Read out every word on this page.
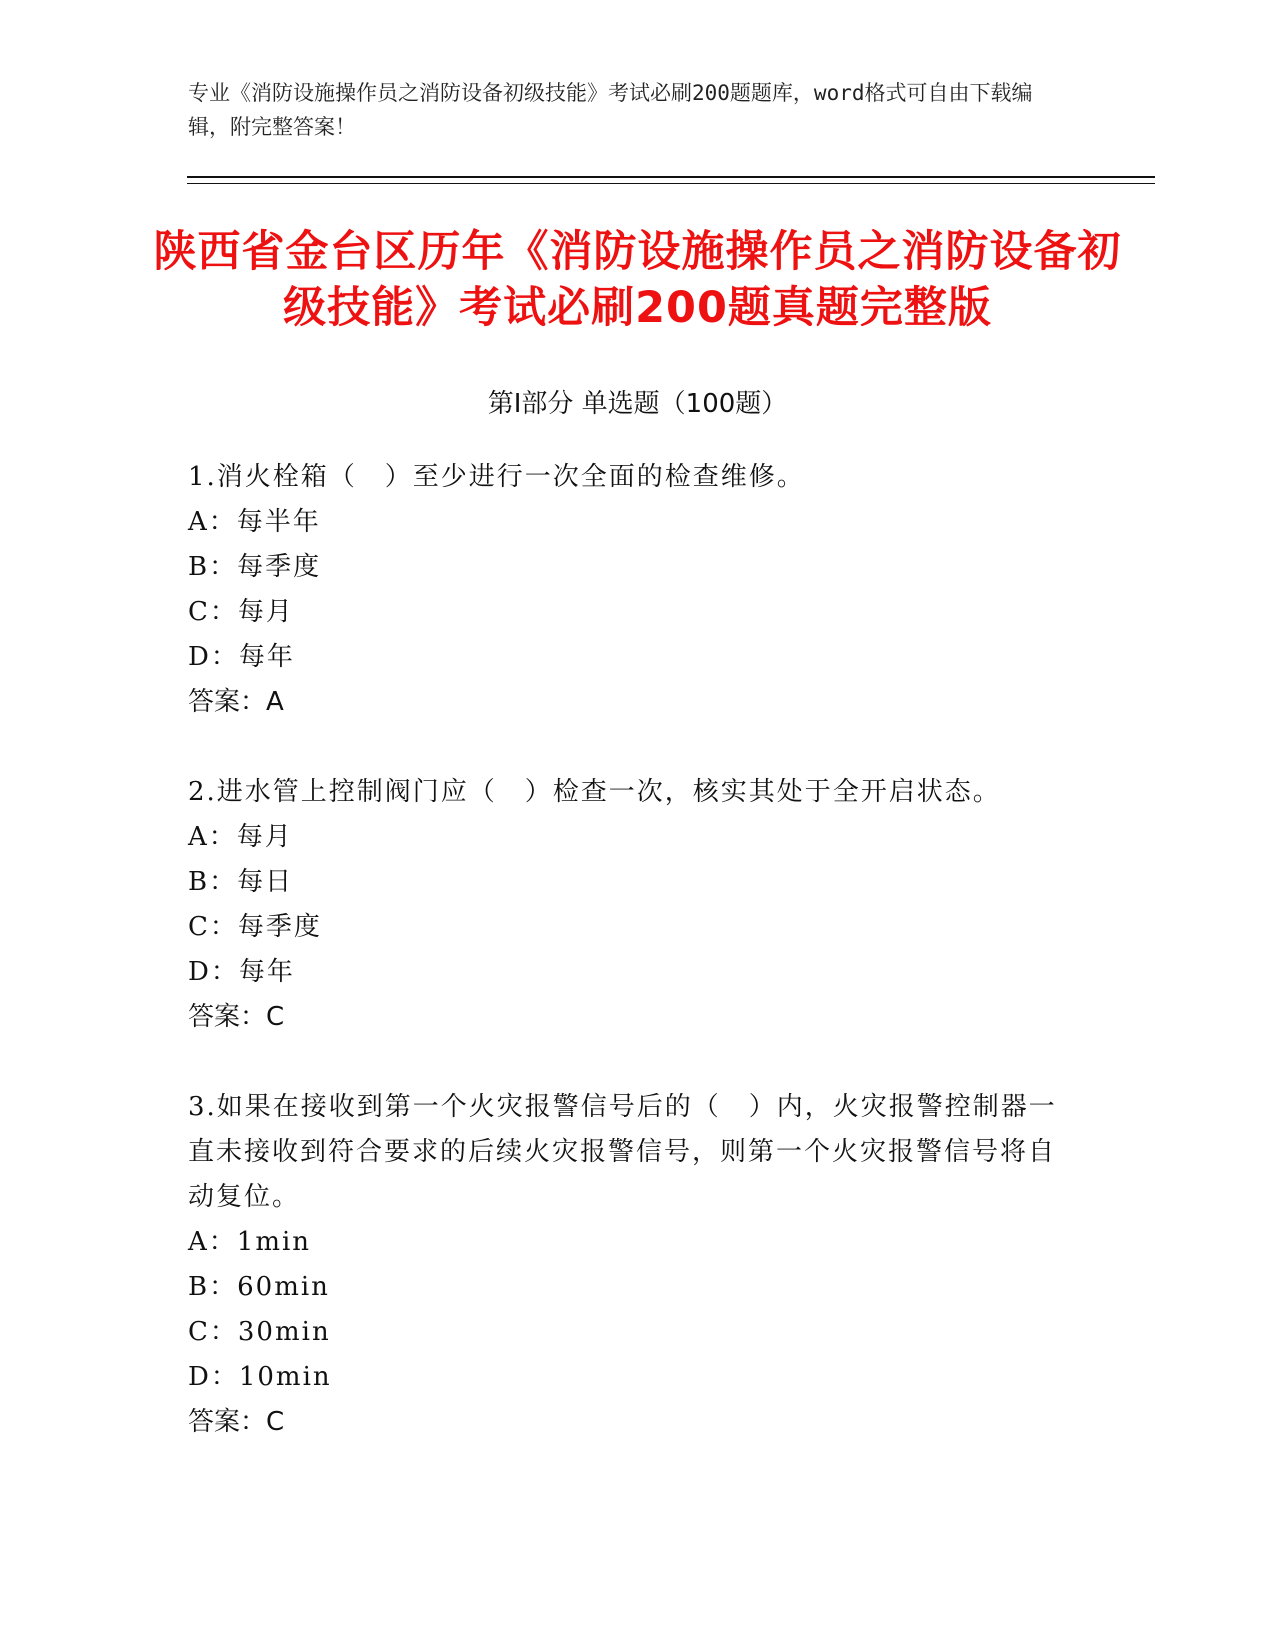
专业《消防设施操作员之消防设备初级技能》考试必刷200题题库，word格式可自由下载编辑，附完整答案！
陕西省金台区历年《消防设施操作员之消防设备初级技能》考试必刷200题真题完整版
第Ⅰ部分 单选题（100题）
1.消火栓箱（　）至少进行一次全面的检查维修。
A：每半年
B：每季度
C：每月
D：每年
答案：A
2.进水管上控制阀门应（　）检查一次，核实其处于全开启状态。
A：每月
B：每日
C：每季度
D：每年
答案：C
3.如果在接收到第一个火灾报警信号后的（　）内，火灾报警控制器一直未接收到符合要求的后续火灾报警信号，则第一个火灾报警信号将自动复位。
A：1min
B：60min
C：30min
D：10min
答案：C
